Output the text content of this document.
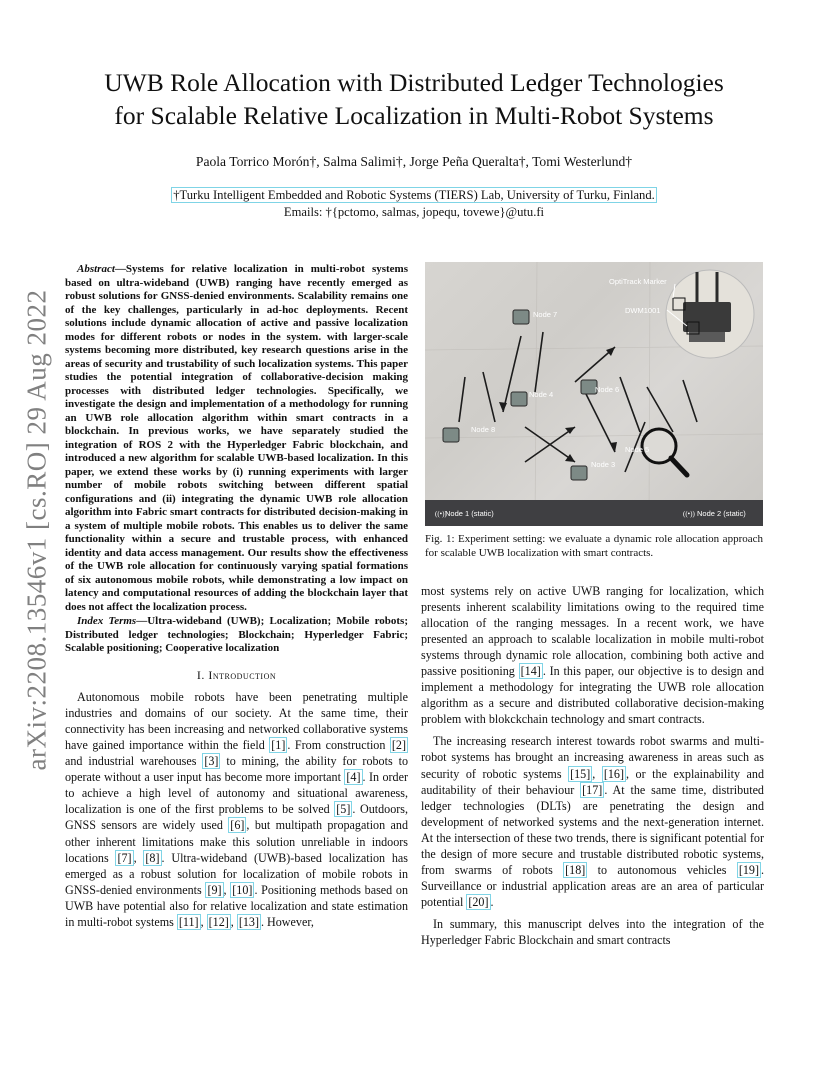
UWB Role Allocation with Distributed Ledger Technologies
for Scalable Relative Localization in Multi-Robot Systems
Paola Torrico Morón†, Salma Salimi†, Jorge Peña Queralta†, Tomi Westerlund†
†Turku Intelligent Embedded and Robotic Systems (TIERS) Lab, University of Turku, Finland.
Emails: †{pctomo, salmas, jopequ, tovewe}@utu.fi
arXiv:2208.13546v1 [cs.RO] 29 Aug 2022

Abstract—Systems for relative localization in multi-robot systems based on ultra-wideband (UWB) ranging have recently emerged as robust solutions for GNSS-denied environments. Scalability remains one of the key challenges, particularly in ad-hoc deployments. Recent solutions include dynamic allocation of active and passive localization modes for different robots or nodes in the system. with larger-scale systems becoming more distributed, key research questions arise in the areas of security and trustability of such localization systems. This paper studies the potential integration of collaborative-decision making processes with distributed ledger technologies. Specifically, we investigate the design and implementation of a methodology for running an UWB role allocation algorithm within smart contracts in a blockchain. In previous works, we have separately studied the integration of ROS 2 with the Hyperledger Fabric blockchain, and introduced a new algorithm for scalable UWB-based localization. In this paper, we extend these works by (i) running experiments with larger number of mobile robots switching between different spatial configurations and (ii) integrating the dynamic UWB role allocation algorithm into Fabric smart contracts for distributed decision-making in a system of multiple mobile robots. This enables us to deliver the same functionality within a secure and trustable process, with enhanced identity and data access management. Our results show the effectiveness of the UWB role allocation for continuously varying spatial formations of six autonomous mobile robots, while demonstrating a low impact on latency and computational resources of adding the blockchain layer that does not affect the localization process.

Index Terms—Ultra-wideband (UWB); Localization; Mobile robots; Distributed ledger technologies; Blockchain; Hyperledger Fabric; Scalable positioning; Cooperative localization

I. Introduction

Autonomous mobile robots have been penetrating multiple industries and domains of our society. At the same time, their connectivity has been increasing and networked collaborative systems have gained importance within the field [1] . From construction [2] and industrial warehouses [3] to mining, the ability for robots to operate without a user input has become more important [4] . In order to achieve a high level of autonomy and situational awareness, localization is one of the first problems to be solved [5] . Outdoors, GNSS sensors are widely used [6] , but multipath propagation and other inherent limitations make this solution unreliable in indoors locations [7] , [8] . Ultra-wideband (UWB)-based localization has emerged as a robust solution for localization of mobile robots in GNSS-denied environments [9] , [10] . Positioning methods based on UWB have potential also for relative localization and state estimation in multi-robot systems [11] , [12] , [13] . However,

OptiTrack Marker
DWM1001
Node 7
Node 4
Node 6
Node 8
Node 5
Node 3
Node 1 (static)	Node 2 (static)
((•))	((•))
Fig. 1: Experiment setting: we evaluate a dynamic role allocation approach for scalable UWB localization with smart contracts.

most systems rely on active UWB ranging for localization, which presents inherent scalability limitations owing to the required time allocation of the ranging messages. In a recent work, we have presented an approach to scalable localization in mobile multi-robot systems through dynamic role allocation, combining both active and passive positioning [14] . In this paper, our objective is to design and implement a methodology for integrating the UWB role allocation algorithm as a secure and distributed collaborative decision-making problem with blokckchain technology and smart contracts.

The increasing research interest towards robot swarms and multi-robot systems has brought an increasing awareness in areas such as security of robotic systems [15] , [16] , or the explainability and auditability of their behaviour [17] . At the same time, distributed ledger technologies (DLTs) are penetrating the design and development of networked systems and the next-generation internet. At the intersection of these two trends, there is significant potential for the design of more secure and trustable distributed robotic systems, from swarms of robots [18] to autonomous vehicles [19] . Surveillance or industrial application areas are an area of particular potential [20] .

In summary, this manuscript delves into the integration of the Hyperledger Fabric Blockchain and smart contracts
